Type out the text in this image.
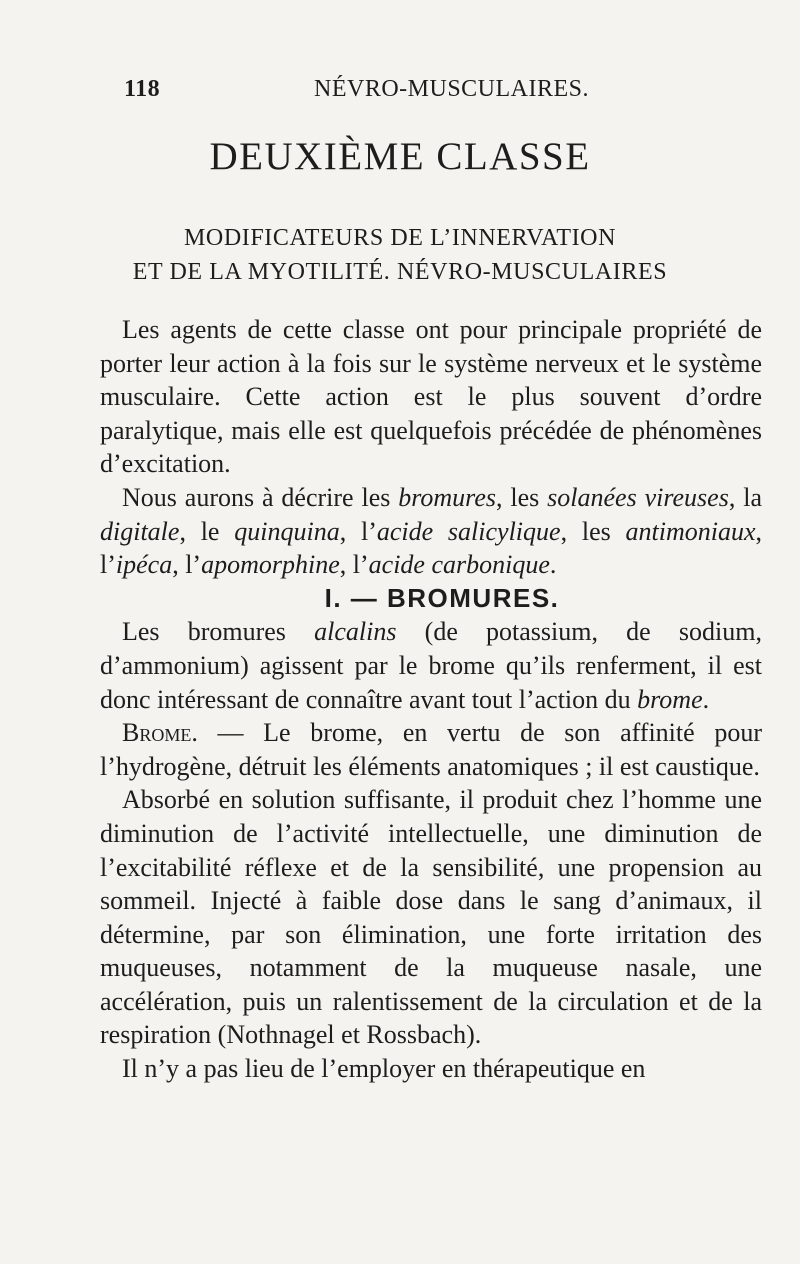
118	NÉVRO-MUSCULAIRES.
DEUXIÈME CLASSE
MODIFICATEURS DE L’INNERVATION
ET DE LA MYOTILITÉ. NÉVRO-MUSCULAIRES

Les agents de cette classe ont pour principale propriété de porter leur action à la fois sur le système nerveux et le système musculaire. Cette action est le plus souvent d’ordre paralytique, mais elle est quelquefois précédée de phénomènes d’excitation.

Nous aurons à décrire les bromures, les solanées vireuses, la digitale, le quinquina, l’acide salicylique, les antimoniaux, l’ipéca, l’apomorphine, l’acide carbonique.

I. — BROMURES.

Les bromures alcalins (de potassium, de sodium, d’ammonium) agissent par le brome qu’ils renferment, il est donc intéressant de connaître avant tout l’action du brome.

Brome. — Le brome, en vertu de son affinité pour l’hydrogène, détruit les éléments anatomiques ; il est caustique.

Absorbé en solution suffisante, il produit chez l’homme une diminution de l’activité intellectuelle, une diminution de l’excitabilité réflexe et de la sensibilité, une propension au sommeil. Injecté à faible dose dans le sang d’animaux, il détermine, par son élimination, une forte irritation des muqueuses, notamment de la muqueuse nasale, une accélération, puis un ralentissement de la circulation et de la respiration (Nothnagel et Rossbach).

Il n’y a pas lieu de l’employer en thérapeutique en
